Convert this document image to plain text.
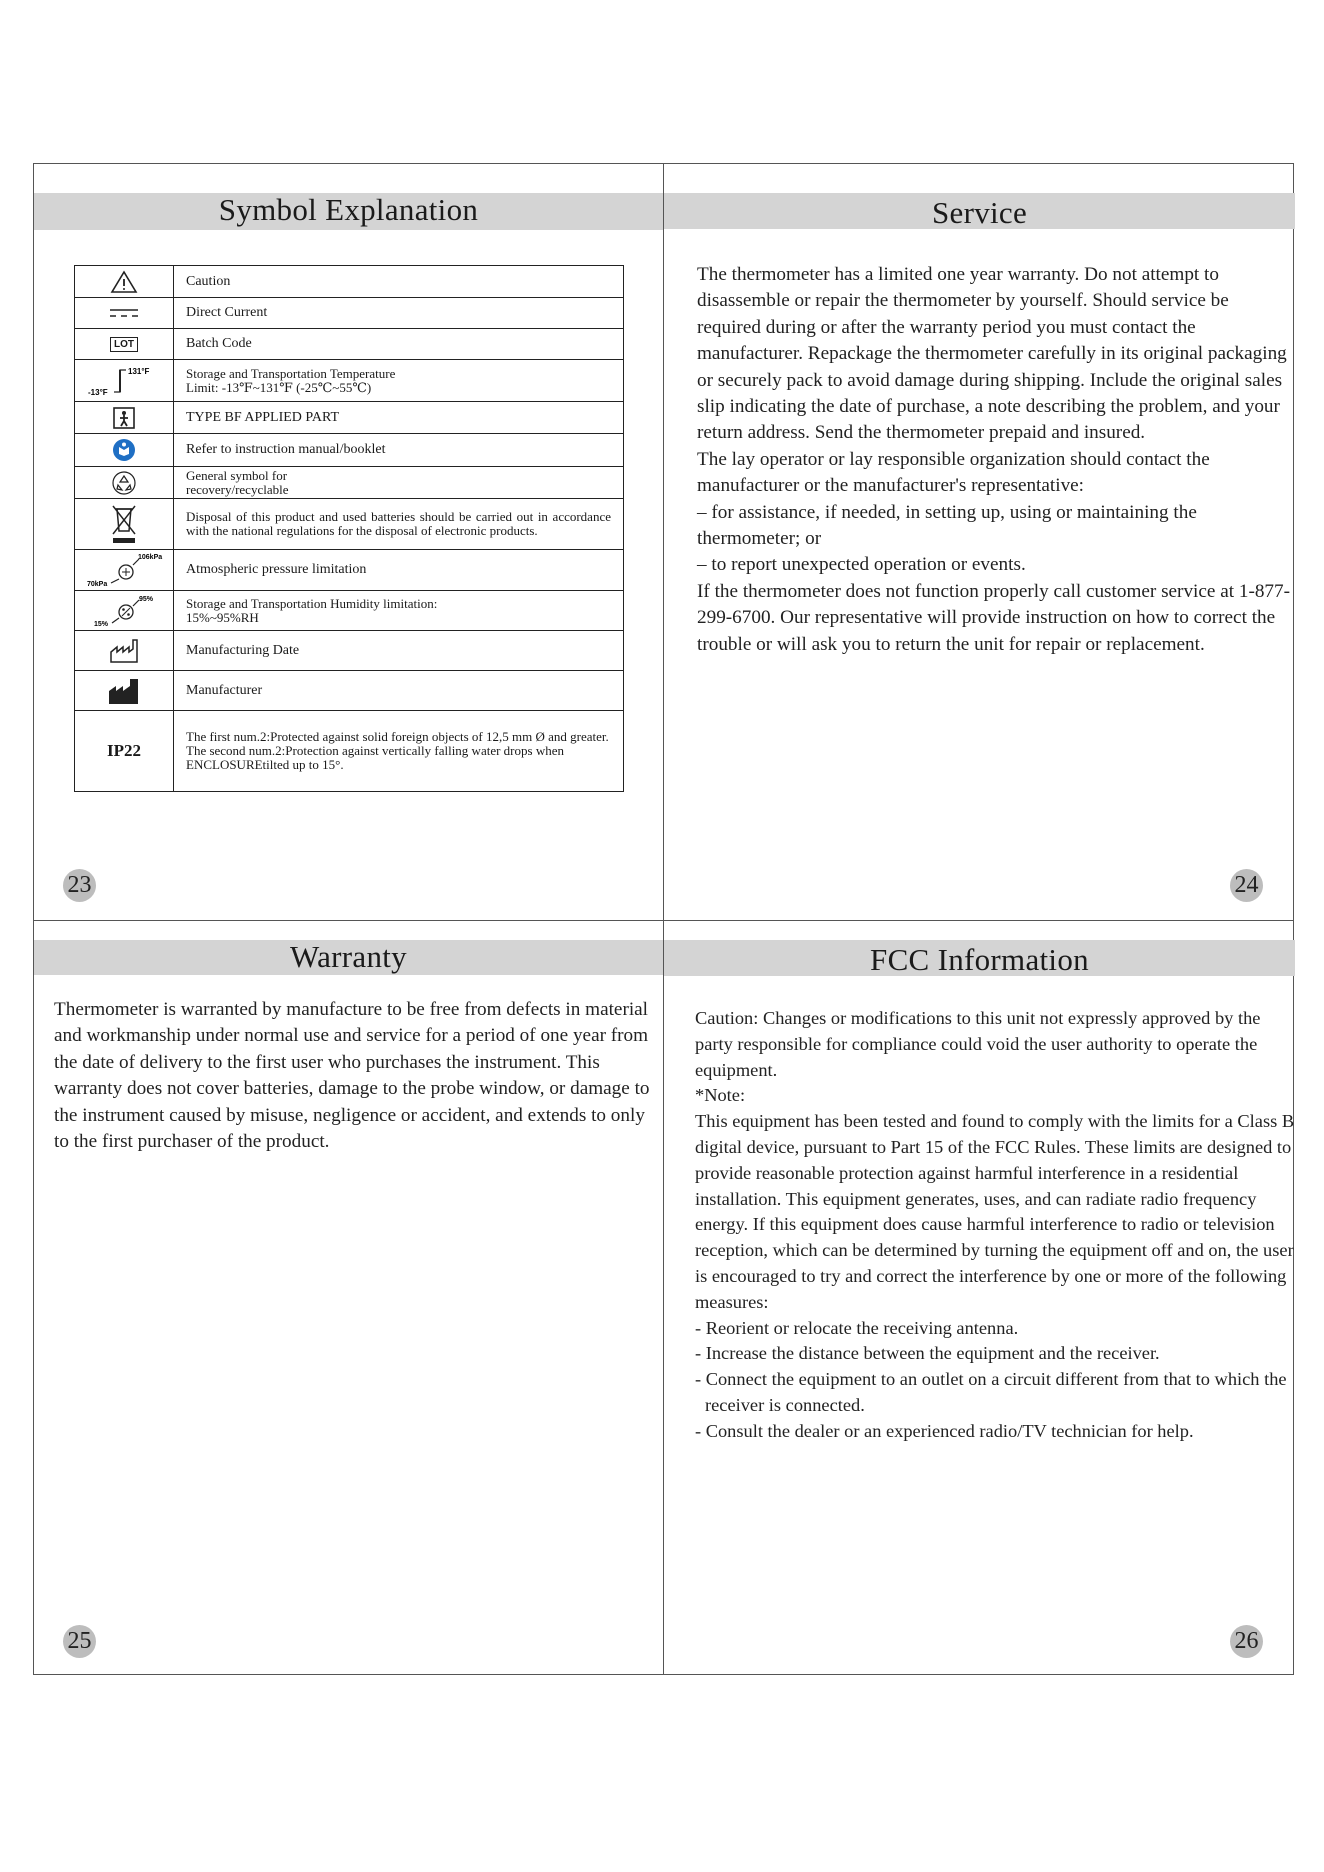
Symbol Explanation
	Caution

	Direct Current
LOT	Batch Code

131°F
-13°F	Storage and Transportation Temperature
Limit: -13℉~131℉ (-25℃~55℃)

	TYPE BF APPLIED PART

	Refer to instruction manual/booklet

	General symbol for
recovery/recyclable

	Disposal of this product and used batteries should be carried out in accordance with the national regulations for the disposal of electronic products.

106kPa
70kPa	Atmospheric pressure limitation

95%
15%	Storage and Transportation Humidity limitation:
15%~95%RH

	Manufacturing Date

	Manufacturer
IP22	The first num.2:Protected against solid foreign objects of 12,5 mm Ø and greater.
The second num.2:Protection against vertically falling water drops when ENCLOSUREtilted up to 15°.
23
Service

The thermometer has a limited one year warranty. Do not attempt to disassemble or repair the thermometer by yourself. Should service be required during or after the warranty period you must contact the manufacturer. Repackage the thermometer carefully in its original packaging or securely pack to avoid damage during shipping. Include the original sales slip indicating the date of purchase, a note describing the problem, and your return address. Send the thermometer prepaid and insured.

The lay operator or lay responsible organization should contact the manufacturer or the manufacturer's representative:

– for assistance, if needed, in setting up, using or maintaining the thermometer; or

– to report unexpected operation or events.

If the thermometer does not function properly call customer service at 1-877-299-6700. Our representative will provide instruction on how to correct the trouble or will ask you to return the unit for repair or replacement.

24
Warranty

Thermometer is warranted by manufacture to be free from defects in material and workmanship under normal use and service for a period of one year from the date of delivery to the first user who purchases the instrument. This warranty does not cover batteries, damage to the probe window, or damage to the instrument caused by misuse, negligence or accident, and extends to only to the first purchaser of the product.

25
FCC Information

Caution: Changes or modifications to this unit not expressly approved by the party responsible for compliance could void the user authority to operate the equipment.

*Note:

This equipment has been tested and found to comply with the limits for a Class B digital device, pursuant to Part 15 of the FCC Rules. These limits are designed to provide reasonable protection against harmful interference in a residential installation. This equipment generates, uses, and can radiate radio frequency energy. If this equipment does cause harmful interference to radio or television reception, which can be determined by turning the equipment off and on, the user is encouraged to try and correct the interference by one or more of the following measures:

- Reorient or relocate the receiving antenna.

- Increase the distance between the equipment and the receiver.

- Connect the equipment to an outlet on a circuit different from that to which the receiver is connected.

- Consult the dealer or an experienced radio/TV technician for help.

26
